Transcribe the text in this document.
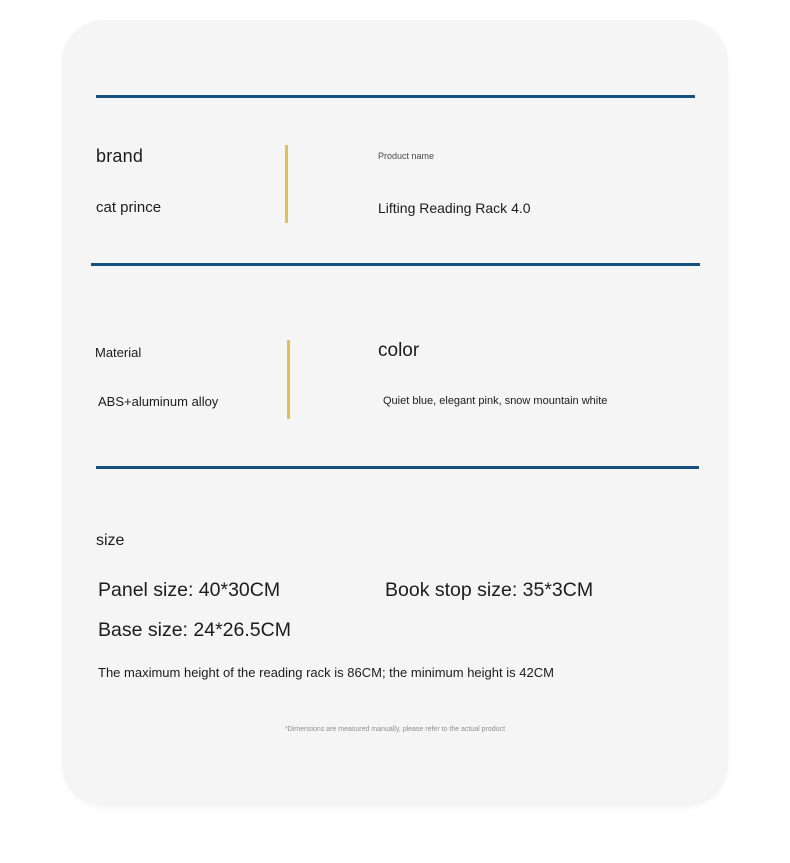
brand
cat prince
Product name
Lifting Reading Rack 4.0
Material
ABS+aluminum alloy
color
Quiet blue, elegant pink, snow mountain white
size
Panel size: 40*30CM	Book stop size: 35*3CM
Base size: 24*26.5CM
The maximum height of the reading rack is 86CM; the minimum height is 42CM
*Dimensions are measured manually, please refer to the actual product
